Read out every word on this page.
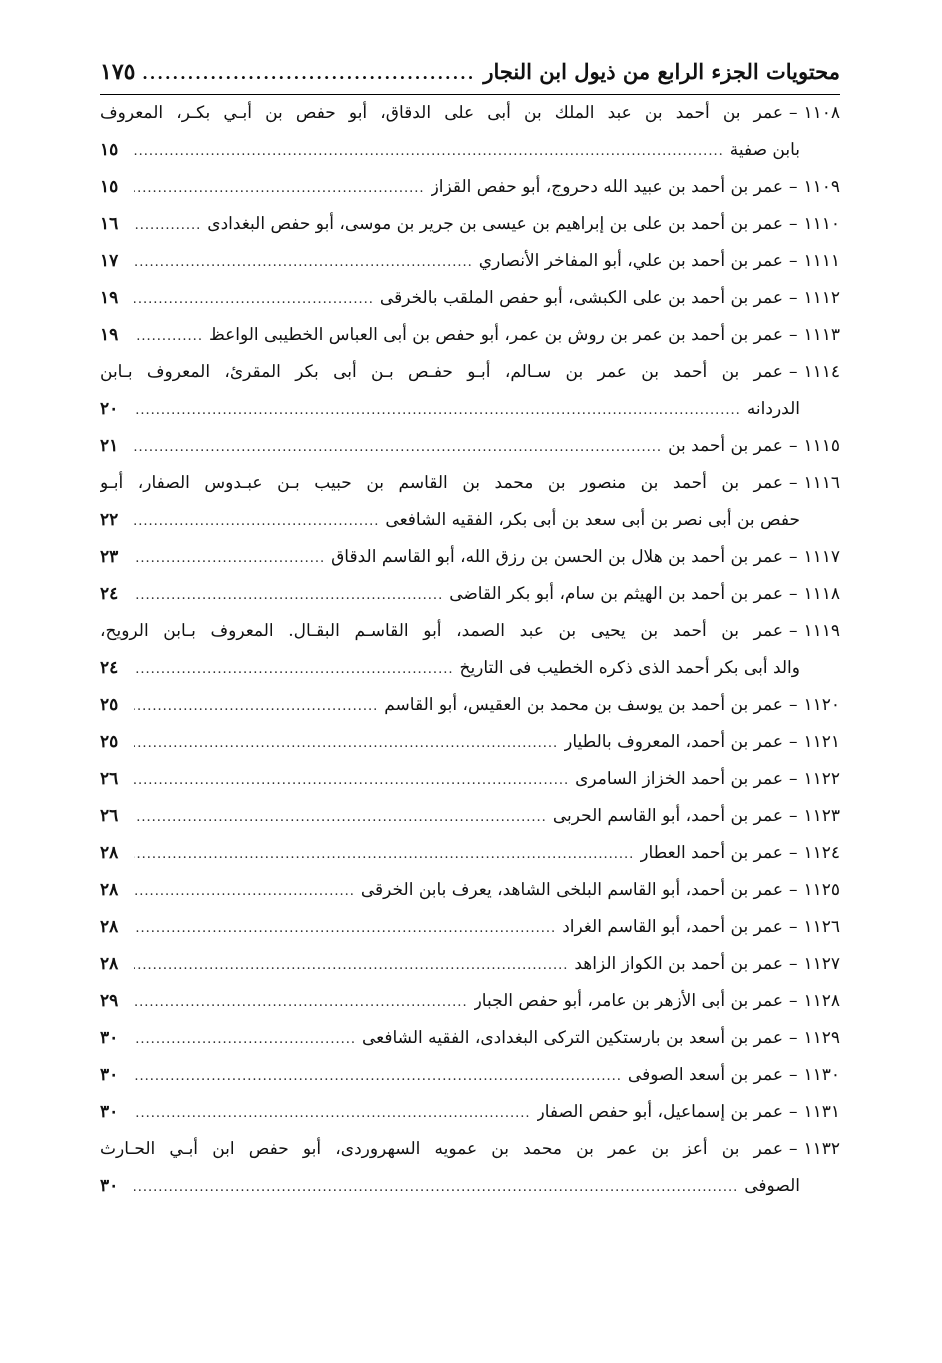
محتويات الجزء الرابع من ذيول ابن النجار
.....
١٧٥
١١٠٨
–
عمر بن أحمد بن عبد الملك بن أبى على الدقاق، أبو حفص بن أبـي بكـر، المعروف
بابن صفية
.....
١٥
١١٠٩
–
عمر بن أحمد بن عبيد الله دحروج، أبو حفص القزاز
.....
١٥
١١١٠
–
عمر بن أحمد بن على بن إبراهيم بن عيسى بن جرير بن موسى، أبو حفص البغدادى
.....
١٦
١١١١
–
عمر بن أحمد بن علي، أبو المفاخر الأنصاري
.....
١٧
١١١٢
–
عمر بن أحمد بن على الكبشى، أبو حفص الملقب بالخرقى
.....
١٩
١١١٣
–
عمر بن أحمد بن عمر بن روش بن عمر، أبو حفص بن أبى العباس الخطيبى الواعظ
.....
١٩
١١١٤
–
عمر بن أحمد بن عمر بن سـالم، أبـو حفـص بـن أبى بكر المقرئ، المعروف بـابن
الدردانه
.....
٢٠
١١١٥
–
عمر بن أحمد بن
.....
٢١
١١١٦
–
عمر بن أحمد بن منصور بن محمد بن القاسم بن حبيب بـن عبـدوس الصفار، أبـو
حفص بن أبى نصر بن أبى سعد بن أبى بكر، الفقيه الشافعى
.....
٢٢
١١١٧
–
عمر بن أحمد بن هلال بن الحسن بن رزق الله، أبو القاسم الدقاق
.....
٢٣
١١١٨
–
عمر بن أحمد بن الهيثم بن سام، أبو بكر القاضى
.....
٢٤
١١١٩
–
عمر بن أحمد بن يحيى بن عبد الصمد، أبو القاسـم البقـال. المعروف بـابن الرويح،
والد أبى بكر أحمد الذى ذكره الخطيب فى التاريخ
.....
٢٤
١١٢٠
–
عمر بن أحمد بن يوسف بن محمد بن العقيس، أبو القاسم
.....
٢٥
١١٢١
–
عمر بن أحمد، المعروف بالطيار
.....
٢٥
١١٢٢
–
عمر بن أحمد الخزاز السامرى
.....
٢٦
١١٢٣
–
عمر بن أحمد، أبو القاسم الحربى
.....
٢٦
١١٢٤
–
عمر بن أحمد العطار
.....
٢٨
١١٢٥
–
عمر بن أحمد، أبو القاسم البلخى الشاهد، يعرف بابن الخرقى
.....
٢٨
١١٢٦
–
عمر بن أحمد، أبو القاسم الغراد
.....
٢٨
١١٢٧
–
عمر بن أحمد بن الكواز الزاهد
.....
٢٨
١١٢٨
–
عمر بن أبى الأزهر بن عامر، أبو حفص الجبار
.....
٢٩
١١٢٩
–
عمر بن أسعد بن بارستكين التركى البغدادى، الفقيه الشافعى
.....
٣٠
١١٣٠
–
عمر بن أسعد الصوفى
.....
٣٠
١١٣١
–
عمر بن إسماعيل، أبو حفص الصفار
.....
٣٠
١١٣٢
–
عمر بن أعز بن عمر بن محمد بن عمويه السهروردى، أبو حفص ابن أبـي الحـارث
الصوفى
.....
٣٠
